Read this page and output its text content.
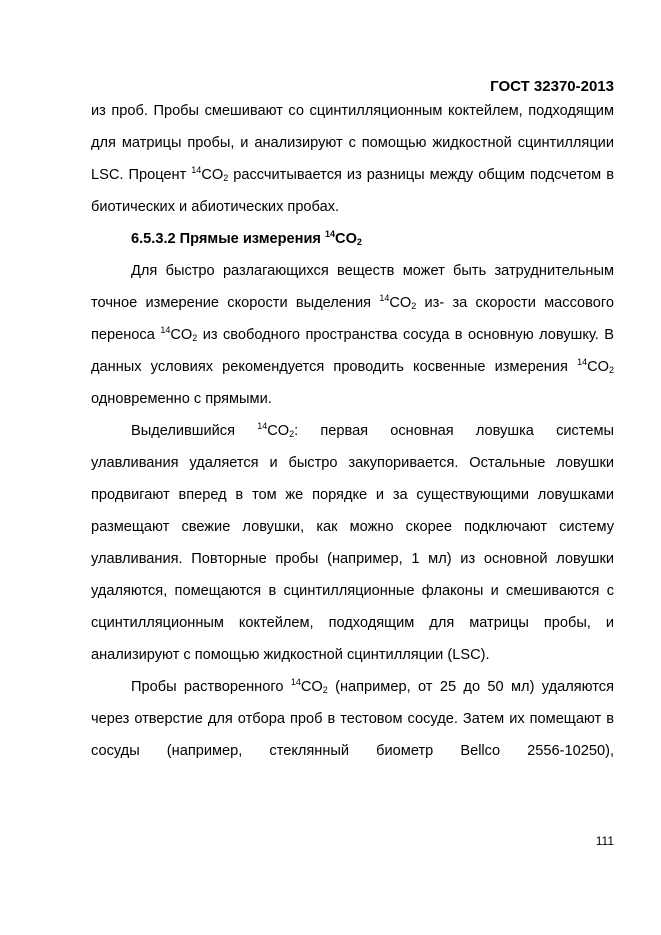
ГОСТ 32370-2013

из проб. Пробы смешивают со сцинтилляционным коктейлем, подходящим для матрицы пробы, и анализируют с помощью жидкостной сцинтилляции LSC. Процент $^{14}CO_2$ рассчитывается из разницы между общим подсчетом в биотических и абиотических пробах.

6.5.3.2 Прямые измерения $^{14}CO_2$

Для быстро разлагающихся веществ может быть затруднительным точное измерение скорости выделения $^{14}CO_2$ из- за скорости массового переноса $^{14}CO_2$ из свободного пространства сосуда в основную ловушку. В данных условиях рекомендуется проводить косвенные измерения $^{14}CO_2$ одновременно с прямыми.

Выделившийся $^{14}CO_2$: первая основная ловушка системы улавливания удаляется и быстро закупоривается. Остальные ловушки продвигают вперед в том же порядке и за существующими ловушками размещают свежие ловушки, как можно скорее подключают систему улавливания. Повторные пробы (например, 1 мл) из основной ловушки удаляются, помещаются в сцинтилляционные флаконы и смешиваются с сцинтилляционным коктейлем, подходящим для матрицы пробы, и анализируют с помощью жидкостной сцинтилляции (LSC).

Пробы растворенного $^{14}CO_2$ (например, от 25 до 50 мл) удаляются через отверстие для отбора проб в тестовом сосуде. Затем их помещают в сосуды (например, стеклянный биометр Bellco 2556-10250),

111
